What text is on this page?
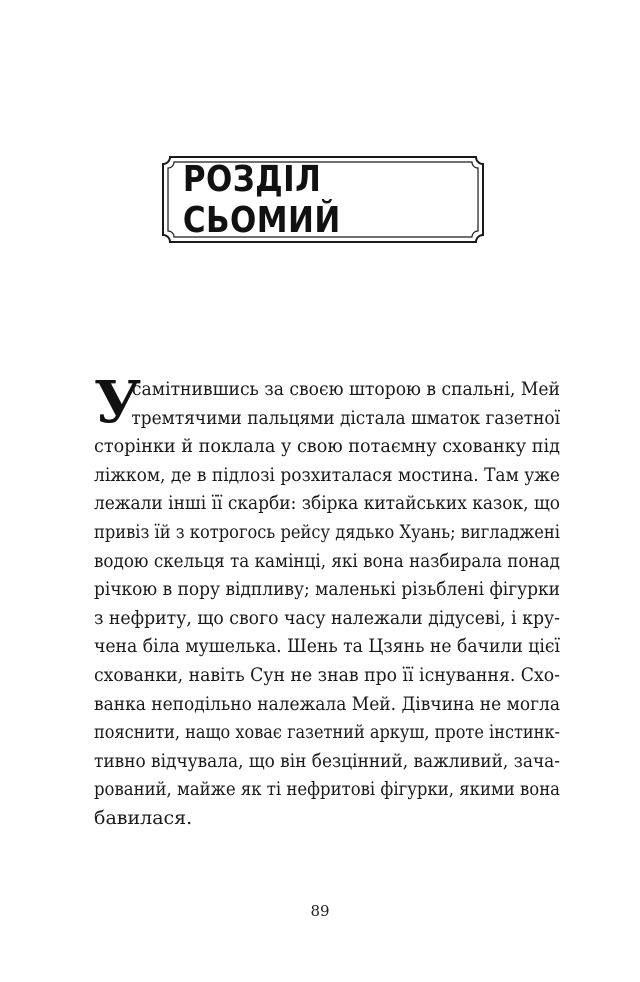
РОЗДІЛ СЬОМИЙ
У
самітнившись за своєю шторою в спальні, Мей
тремтячими пальцями дістала шматок газетної
сторінки й поклала у свою потаємну схованку під
ліжком, де в підлозі розхиталася мостина. Там уже
лежали інші її скарби: збірка китайських казок, що
привіз їй з котрогось рейсу дядько Хуань; вигладжені
водою скельця та камінці, які вона назбирала понад
річкою в пору відпливу; маленькі різьблені фігурки
з нефриту, що свого часу належали дідусеві, і кру-
чена біла мушелька. Шень та Цзянь не бачили цієї
схованки, навіть Сун не знав про її існування. Схо-
ванка неподільно належала Мей. Дівчина не могла
пояснити, нащо ховає газетний аркуш, проте інстинк-
тивно відчувала, що він безцінний, важливий, зача-
рований, майже як ті нефритові фігурки, якими вона
бавилася.
89
